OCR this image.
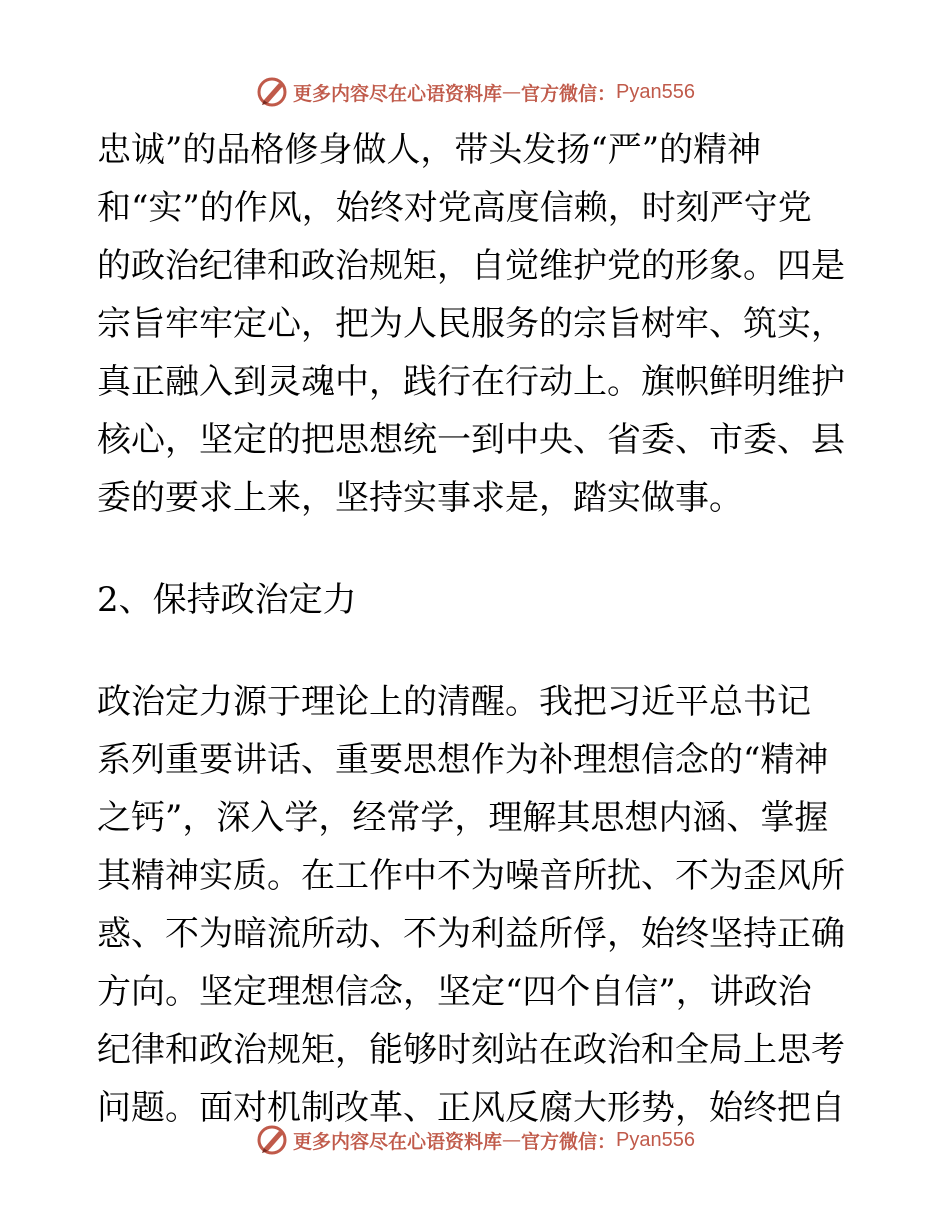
更多内容尽在心语资料库 — 官方微信： Pyan556
忠诚”的品格修身做人，带头发扬“严”的精神
和“实”的作风，始终对党高度信赖，时刻严守党
的政治纪律和政治规矩，自觉维护党的形象。四是
宗旨牢牢定心，把为人民服务的宗旨树牢、筑实，
真正融入到灵魂中，践行在行动上。旗帜鲜明维护
核心，坚定的把思想统一到中央、省委、市委、县
委的要求上来，坚持实事求是，踏实做事。
2、保持政治定力
政治定力源于理论上的清醒。我把习近平总书记
系列重要讲话、重要思想作为补理想信念的“精神
之钙”，深入学，经常学，理解其思想内涵、掌握
其精神实质。在工作中不为噪音所扰、不为歪风所
惑、不为暗流所动、不为利益所俘，始终坚持正确
方向。坚定理想信念，坚定“四个自信”，讲政治
纪律和政治规矩，能够时刻站在政治和全局上思考
问题。面对机制改革、正风反腐大形势，始终把自
更多内容尽在心语资料库 — 官方微信： Pyan556
